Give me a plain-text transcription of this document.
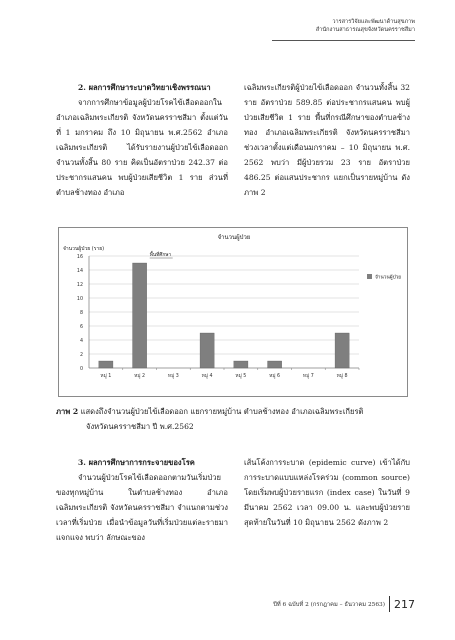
วารสารวิจัยและพัฒนาด้านสุขภาพ
สำนักงานสาธารณสุขจังหวัดนครราชสีมา
2. ผลการศึกษาระบาดวิทยาเชิงพรรณนา

จากการศึกษาข้อมูลผู้ป่วยโรคไข้เลือดออกในอำเภอเฉลิมพระเกียรติ จังหวัดนครราชสีมา ตั้งแต่วันที่ 1 มกราคม ถึง 10 มิถุนายน พ.ศ.2562 อำเภอเฉลิมพระเกียรติ ได้รับรายงานผู้ป่วยไข้เลือดออก จำนวนทั้งสิ้น 80 ราย คิดเป็นอัตราป่วย 242.37 ต่อประชากรแสนคน พบผู้ป่วยเสียชีวิต 1 ราย ส่วนที่ตำบลช้างทอง อำเภอ

เฉลิมพระเกียรติผู้ป่วยไข้เลือดออก จำนวนทั้งสิ้น 32 ราย อัตราป่วย 589.85 ต่อประชากรแสนคน พบผู้ป่วยเสียชีวิต 1 ราย พื้นที่กรณีศึกษาของตำบลช้างทอง อำเภอเฉลิมพระเกียรติ จังหวัดนครราชสีมา ช่วงเวลาตั้งแต่เดือนมกราคม – 10 มิถุนายน พ.ศ. 2562 พบว่า มีผู้ป่วยรวม 23 ราย อัตราป่วย 486.25 ต่อแสนประชากร แยกเป็นรายหมู่บ้าน ดังภาพ 2

จำนวนผู้ป่วย
จำนวนผู้ป่วย (ราย)
0
2
4
6
8
10
12
14
16
หมู่ 1	หมู่ 2	หมู่ 3	หมู่ 4	หมู่ 5	หมู่ 6	หมู่ 7	หมู่ 8
พื้นที่ศึกษา
จำนวนผู้ป่วย
ภาพ 2 แสดงถึงจำนวนผู้ป่วยไข้เลือดออก แยกรายหมู่บ้าน ตำบลช้างทอง อำเภอเฉลิมพระเกียรติ
จังหวัดนครราชสีมา ปี พ.ศ.2562
3. ผลการศึกษาการกระจายของโรค

จำนวนผู้ป่วยโรคไข้เลือดออกตามวันเริ่มป่วยของทุกหมู่บ้าน ในตำบลช้างทอง อำเภอเฉลิมพระเกียรติ จังหวัดนครราชสีมา จำแนกตามช่วงเวลาที่เริ่มป่วย เมื่อนำข้อมูลวันที่เริ่มป่วยแต่ละรายมาแจกแจง พบว่า ลักษณะของ

เส้นโค้งการระบาด (epidemic curve) เข้าได้กับการระบาดแบบแหล่งโรคร่วม (common source) โดยเริ่มพบผู้ป่วยรายแรก (index case) ในวันที่ 9 มีนาคม 2562 เวลา 09.00 น. และพบผู้ป่วยรายสุดท้ายในวันที่ 10 มิถุนายน 2562 ดังภาพ 2

ปีที่ 6 ฉบับที่ 2 (กรกฎาคม – ธันวาคม 2563) 217
